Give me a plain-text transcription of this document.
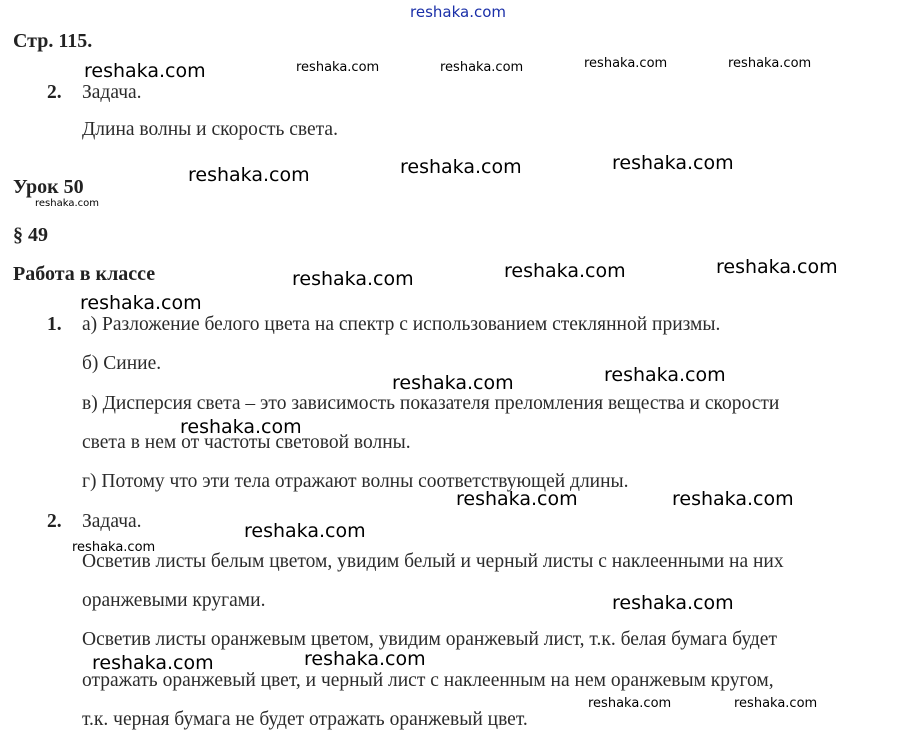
reshaka.com
Стр. 115.
2. Задача.
Длина волны и скорость света.
Урок 50
§ 49
Работа в классе
1. а) Разложение белого цвета на спектр с использованием стеклянной призмы.
б) Синие.
в) Дисперсия света – это зависимость показателя преломления вещества и скорости
света в нем от частоты световой волны.
г) Потому что эти тела отражают волны соответствующей длины.
2. Задача.
Осветив листы белым цветом, увидим белый и черный листы с наклеенными на них
оранжевыми кругами.
Осветив листы оранжевым цветом, увидим оранжевый лист, т.к. белая бумага будет
отражать оранжевый цвет, и черный лист с наклеенным на нем оранжевым кругом,
т.к. черная бумага не будет отражать оранжевый цвет.
reshaka.com	reshaka.com	reshaka.com	reshaka.com	reshaka.com
reshaka.com	reshaka.com	reshaka.com
reshaka.com
reshaka.com	reshaka.com	reshaka.com
reshaka.com
reshaka.com	reshaka.com
reshaka.com
reshaka.com	reshaka.com
reshaka.com
reshaka.com
reshaka.com
reshaka.com
reshaka.com
reshaka.com	reshaka.com
